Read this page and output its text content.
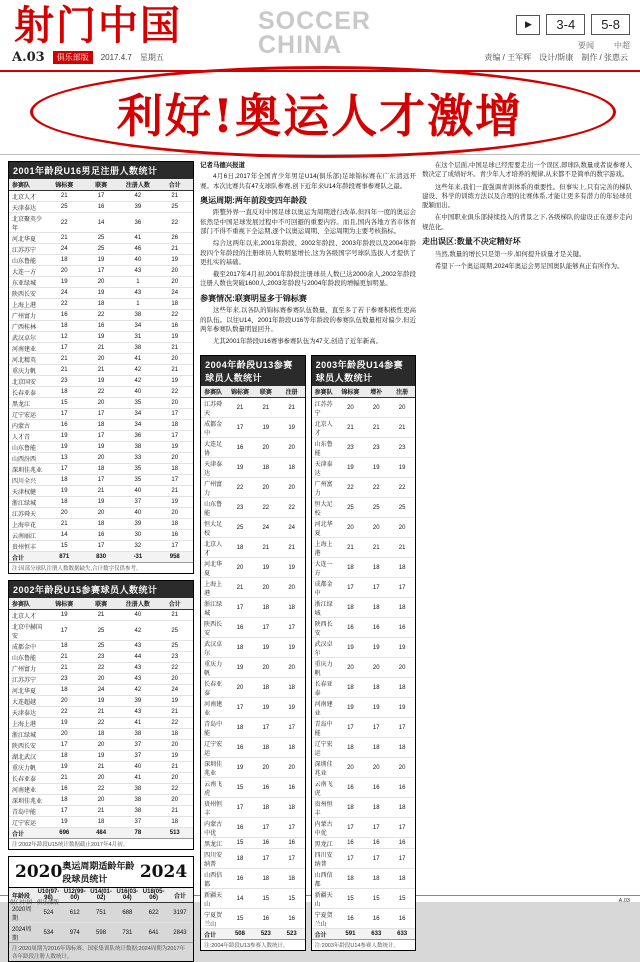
射门中国	SOCCER
CHINA
▶	3-4	5-8
要闻	中超
A.03	俱乐部版	2017.4.7 星期五	责编 / 王军辉 设计/斯康 制作 / 张惠云
利好!奥运人才激增
2001年龄段U16男足注册人数统计
参赛队	锦标赛	联赛	注册人数	合计
北京人才	21	17	42	21
天津泰达	25	16	39	25
北京聚英少年	22	14	36	22
河北华夏	21	25	41	26
江苏苏宁	24	25	46	21
山东鲁能	18	19	40	19
大连一方	20	17	43	20
东亚绿城	19	20	1	20
陕西长安	24	19	43	24
上海上港	22	18	1	18
广州富力	16	22	38	22
广西桂林	18	16	34	16
武汉卓尔	12	19	31	19
河南建业	17	21	38	21
河北精英	21	20	41	20
重庆力帆	21	21	42	21
北京国安	23	19	42	19
长春亚泰	18	22	40	22
黑龙江	15	20	35	20
辽宁宏运	17	17	34	17
内蒙古	16	18	34	18
人才青	19	17	36	17
山东鲁能	19	19	38	19
山西汾西	13	20	33	20
深圳佳兆业	17	18	35	18
四川全兴	18	17	35	17
天津权健	19	21	40	21
浙江绿城	18	19	37	19
江苏舜天	20	20	40	20
上海申花	21	18	39	18
云南丽江	14	16	30	16
贵州恒丰	15	17	32	17
合计	871	830	-31	958
注:因部分球队注册人数数据缺失,合计数字仅供参考。
2002年龄段U15参赛球员人数统计
参赛队	锦标赛	联赛	注册人数	合计
北京人才	19	21	40	21
北京中赫国安	17	25	42	25
成都金中	18	25	43	25
山东鲁能	21	23	44	23
广州富力	21	22	43	22
江苏苏宁	23	20	43	20
河北华夏	18	24	42	24
大连超越	20	19	39	19
天津泰达	22	21	43	21
上海上港	19	22	41	22
浙江绿城	20	18	38	18
陕西长安	17	20	37	20
湖北武汉	18	19	37	19
重庆力帆	19	21	40	21
长春亚泰	21	20	41	20
河南建业	16	22	38	22
深圳佳兆业	18	20	38	20
青岛中能	17	21	38	21
辽宁宏运	19	18	37	18
合计	696	484	78	513
注:2002年龄段U15统计数据截止2017年4月初。
2020 奥运周期适龄年龄段球员统计	2024
年龄段	U10(97-98)	U12(99-00)	U14(01-02)	U16(03-04)	U18(05-06)	合计
2020周期	524	612	751	688	622	3197
2024周期	534	974	598	731	641	2843
注:2020周期为2016年锦标赛、国家集训队统计数据;2024周期为2017年各年龄段注册人数统计。
记者马德兴报道

4月6日,2017年全国青少年男足U14(俱乐部)足球锦标赛在广东清远开赛。本次比赛共有47支球队参赛,创下近年来U14年龄段赛事参赛队之最。

奥运周期:两年前段变四年龄段

距整外界一直反对中国足球以奥运为周期进行改革,但四年一度的奥运会依然是中国足球发展过程中不可回避的重要内容。而且,国内各地方省市体育部门不得不重视下全运期,逐个以奥运周期、全运周期为主要考核指标。

综合这两年以来,2001年龄段、2002年龄段、2003年龄段以及2004年龄段四个年龄段的注册球员人数明显增长,这为各级国字号球队选拔人才提供了更扎实的基础。

截至2017年4月初,2001年龄段注册球员人数已达2000余人,2002年龄段注册人数也突破1600人,2003年龄段与2004年龄段的增幅更加明显。

参赛情况:联赛明显多于锦标赛

这些年来,以各队的锦标赛参赛队伍数量、直至多了若干参赛积极性更高的队伍。以往U14、2001年龄段U16等年龄段的参赛队伍数量相对偏少,但近两年参赛队数量明显回升。

尤其2001年龄段U16赛事参赛队伍为47支,创造了近年新高。

2004年龄段U13参赛球员人数统计
参赛队	锦标赛	联赛	注册
江苏舜天	21	21	21
成都金中	17	19	19
大连足协	16	20	20
天津泰达	19	18	18
广州富力	22	20	20
山东鲁能	23	22	22
恒大足校	25	24	24
北京人才	18	21	21
河北华夏	20	19	19
上海上港	21	20	20
浙江绿城	17	18	18
陕西长安	16	17	17
武汉卓尔	18	19	19
重庆力帆	19	20	20
长春亚泰	20	18	18
河南建业	17	19	19
青岛中能	18	17	17
辽宁宏运	16	18	18
深圳佳兆业	19	20	20
云南飞虎	15	16	16
贵州恒丰	17	18	18
内蒙古中优	16	17	17
黑龙江	15	16	16
四川安纳普	18	17	17
山西信都	16	18	18
新疆天山	14	15	15
宁夏贺兰山	15	16	16
合计	508	523	523
注:2004年龄段U13参赛人数统计。
2003年龄段U14参赛球员人数统计
参赛队	锦标赛	增补	注册
江苏苏宁	20	20	20
北京人才	21	21	21
山东鲁能	23	23	23
天津泰达	19	19	19
广州富力	22	22	22
恒大足校	25	25	25
河北华夏	20	20	20
上海上港	21	21	21
大连一方	18	18	18
成都金中	17	17	17
浙江绿城	18	18	18
陕西长安	16	16	16
武汉卓尔	19	19	19
重庆力帆	20	20	20
长春亚泰	18	18	18
河南建业	19	19	19
青岛中能	17	17	17
辽宁宏运	18	18	18
深圳佳兆业	20	20	20
云南飞虎	16	16	16
贵州恒丰	18	18	18
内蒙古中优	17	17	17
黑龙江	16	16	16
四川安纳普	17	17	17
山西信都	18	18	18
新疆天山	15	15	15
宁夏贺兰山	16	16	16
合计	591	633	633
注:2003年龄段U14参赛人数统计。

在这个层面,中国足球已经需要走出一个误区,即球队数量或者说参赛人数决定了成绩好坏。青少年人才培养的规律,从来都不是简单的数字游戏。

这些年来,我们一直强调青训体系的重要性。但事实上,只有完善的梯队建设、科学的训练方法以及合理的比赛体系,才能让更多有潜力的年轻球员脱颖而出。

在中国职业俱乐部持续投入的背景之下,各级梯队的建设正在逐步走向规范化。

走出误区:数量不决定精好坏

当然,数量的增长只是第一步,如何提升质量才是关键。

希望下一个奥运周期,2024年奥运会男足国奥队能够真正有所作为。

射门中国 · 俱乐部版	A.03
